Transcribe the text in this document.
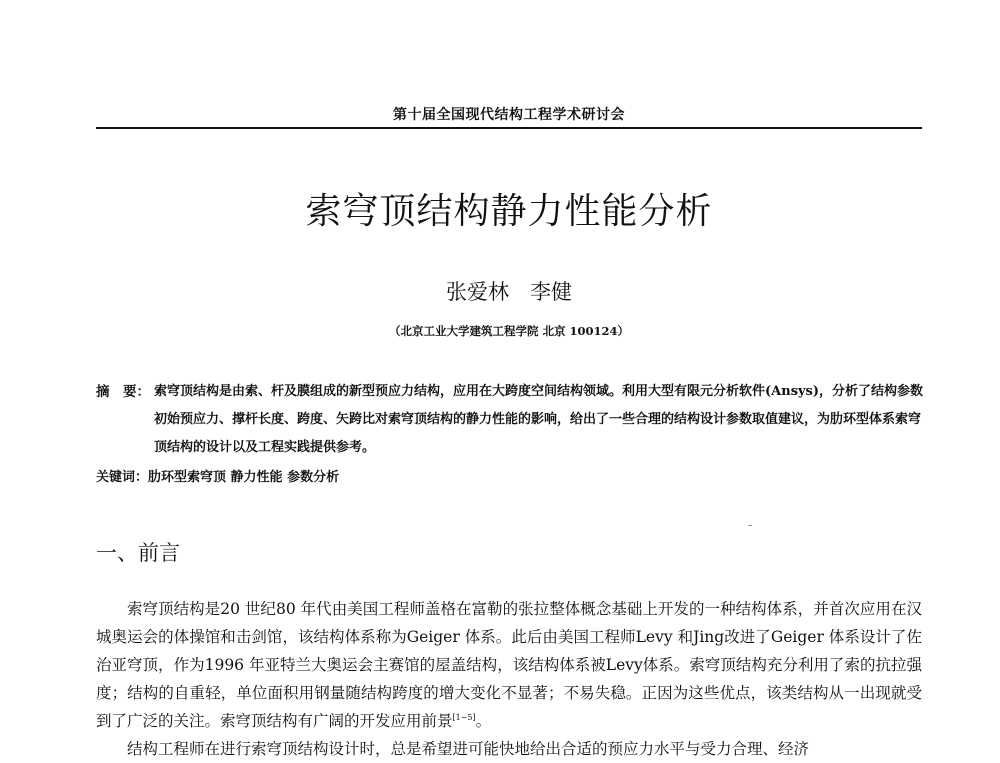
第十届全国现代结构工程学术研讨会
索穹顶结构静力性能分析
张爱林　李健
（北京工业大学建筑工程学院 北京 100124）
摘　要： 索穹顶结构是由索、杆及膜组成的新型预应力结构，应用在大跨度空间结构领域。利用大型有限元分析软件(Ansys)，分析了结构参数初始预应力、撑杆长度、跨度、矢跨比对索穹顶结构的静力性能的影响，给出了一些合理的结构设计参数取值建议，为肋环型体系索穹顶结构的设计以及工程实践提供参考。
关键词：肋环型索穹顶 静力性能 参数分析
一、前言

索穹顶结构是20 世纪80 年代由美国工程师盖格在富勒的张拉整体概念基础上开发的一种结构体系，并首次应用在汉城奥运会的体操馆和击剑馆，该结构体系称为Geiger 体系。此后由美国工程师Levy 和Jing改进了Geiger 体系设计了佐治亚穹顶，作为1996 年亚特兰大奥运会主赛馆的屋盖结构，该结构体系被Levy体系。索穹顶结构充分利用了索的抗拉强度；结构的自重轻，单位面积用钢量随结构跨度的增大变化不显著；不易失稳。正因为这些优点，该类结构从一出现就受到了广泛的关注。索穹顶结构有广阔的开发应用前景[1~5]。

结构工程师在进行索穹顶结构设计时，总是希望进可能快地给出合适的预应力水平与受力合理、经济
